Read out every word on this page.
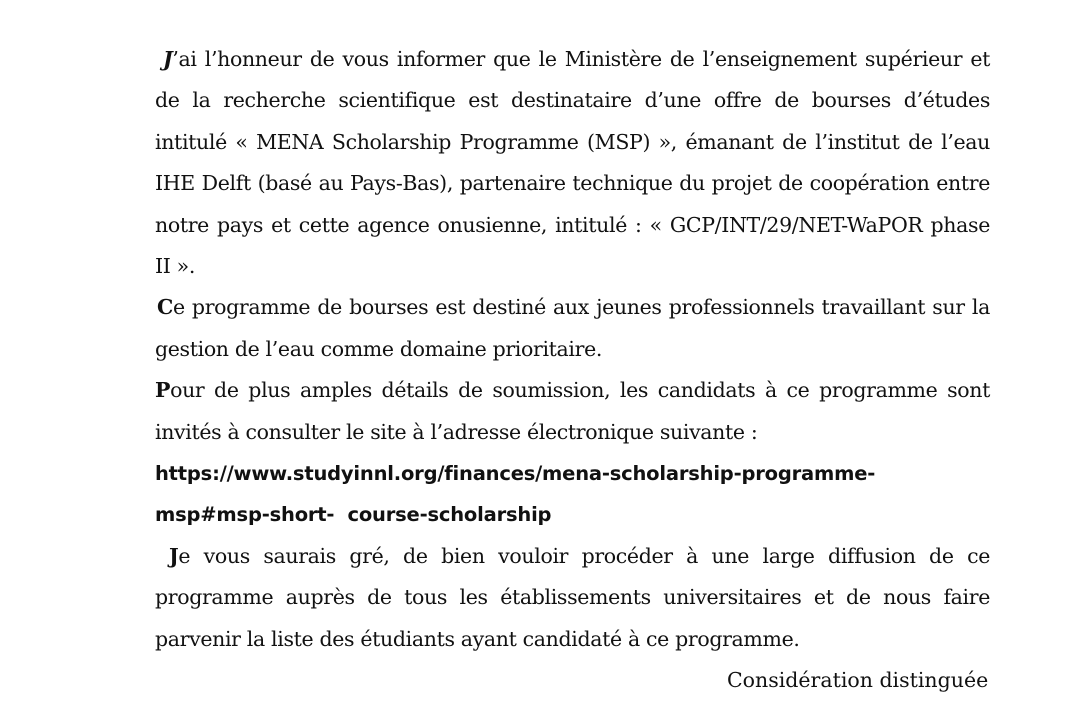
J’ai l’honneur de vous informer que le Ministère de l’enseignement supérieur et de la recherche scientifique est destinataire d’une offre de bourses d’études intitulé « MENA Scholarship Programme (MSP) », émanant de l’institut de l’eau IHE Delft (basé au Pays-Bas), partenaire technique du projet de coopération entre notre pays et cette agence onusienne, intitulé : « GCP/INT/29/NET-WaPOR phase II ».

Ce programme de bourses est destiné aux jeunes professionnels travaillant sur la gestion de l’eau comme domaine prioritaire.

Pour de plus amples détails de soumission, les candidats à ce programme sont invités à consulter le site à l’adresse électronique suivante :

https://www.studyinnl.org/finances/mena-scholarship-programme-
msp#msp-short-  course-scholarship

Je vous saurais gré, de bien vouloir procéder à une large diffusion de ce programme auprès de tous les établissements universitaires et de nous faire parvenir la liste des étudiants ayant candidaté à ce programme.

Considération distinguée
